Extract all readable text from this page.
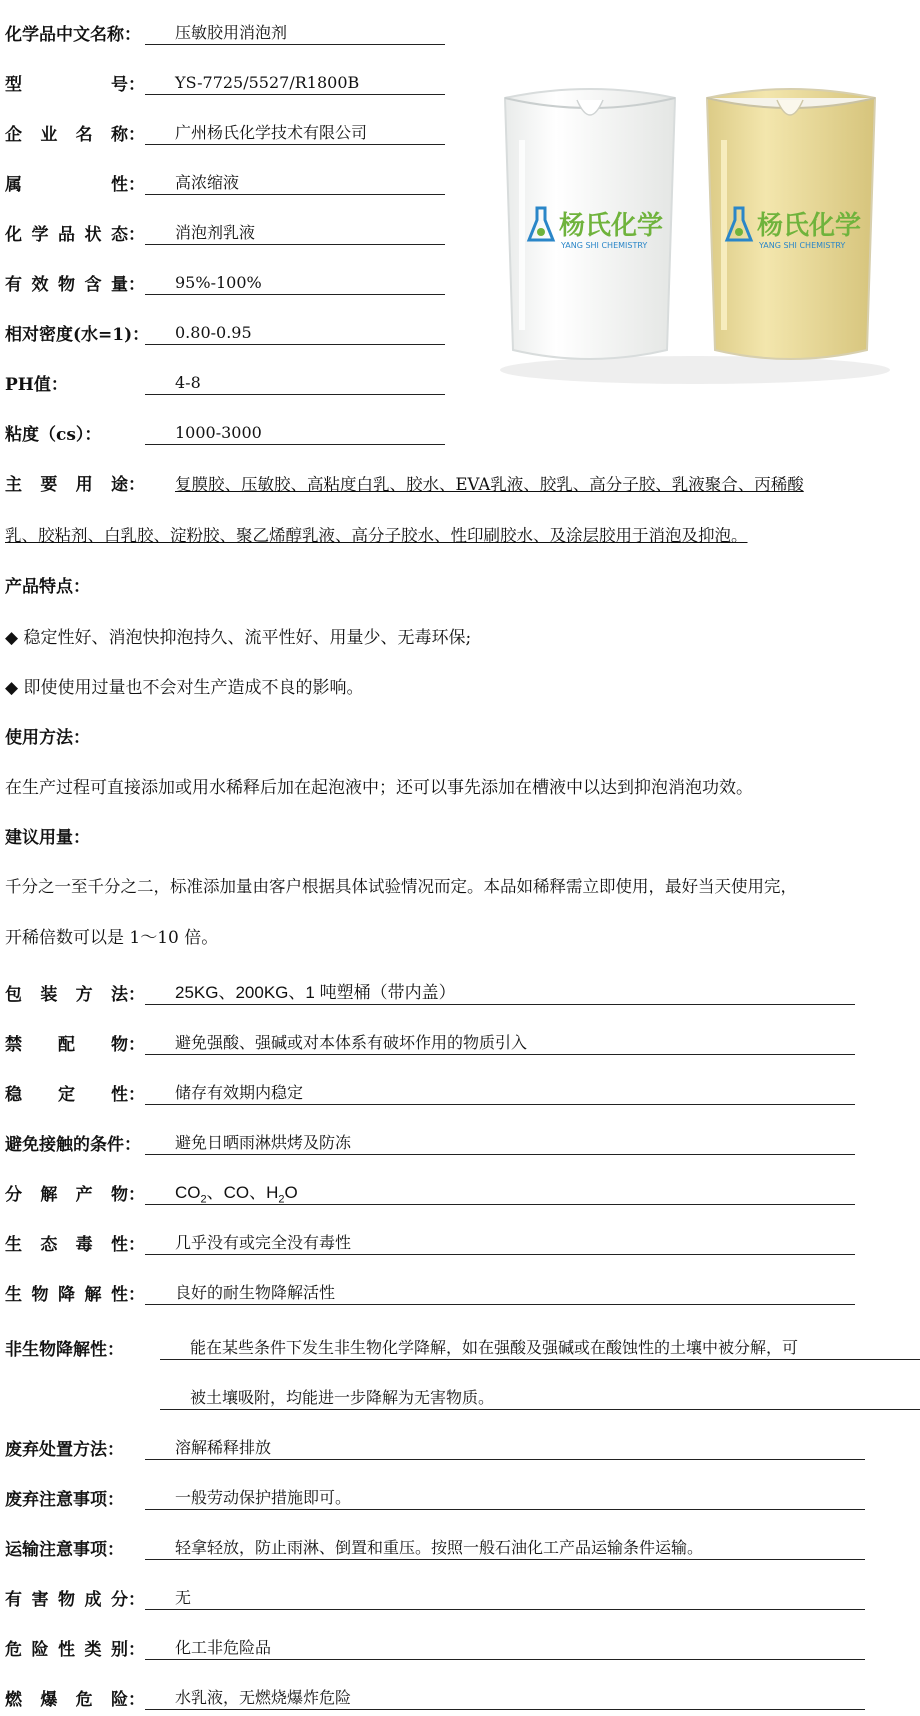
化学品中文名称：	压敏胶用消泡剂
型	号：	YS-7725/5527/R1800B
企 业 名 称：	广州杨氏化学技术有限公司
属	性：	高浓缩液
化 学 品 状 态：	消泡剂乳液
有 效 物 含 量：	95%-100%
相对密度(水=1)：	0.80-0.95
PH值：	4-8
粘度（cs）：	1000-3000
杨氏化学
YANG SHI CHEMISTRY
杨氏化学
YANG SHI CHEMISTRY
主 要 用 途：	复膜胶、压敏胶、高粘度白乳、胶水、EVA乳液、胶乳、高分子胶、乳液聚合、丙稀酸
乳、胶粘剂、白乳胶、淀粉胶、聚乙烯醇乳液、高分子胶水、性印刷胶水、及涂层胶用于消泡及抑泡。
产品特点：
◆ 稳定性好、消泡快抑泡持久、流平性好、用量少、无毒环保;
◆ 即使使用过量也不会对生产造成不良的影响。
使用方法：
在生产过程可直接添加或用水稀释后加在起泡液中；还可以事先添加在槽液中以达到抑泡消泡功效。
建议用量：
千分之一至千分之二，标准添加量由客户根据具体试验情况而定。本品如稀释需立即使用，最好当天使用完，
开稀倍数可以是 1～10 倍。
包 装 方 法：	25KG、200KG、1 吨塑桶（带内盖）
禁 配 物：	避免强酸、强碱或对本体系有破坏作用的物质引入
稳 定 性：	储存有效期内稳定
避免接触的条件：	避免日晒雨淋烘烤及防冻
分 解 产 物：	$CO_2$、CO、$H_2O$
生 态 毒 性：	几乎没有或完全没有毒性
生 物 降 解 性：	良好的耐生物降解活性
非生物降解性：	能在某些条件下发生非生物化学降解，如在强酸及强碱或在酸蚀性的土壤中被分解，可
被土壤吸附，均能进一步降解为无害物质。
废弃处置方法：	溶解稀释排放
废弃注意事项：	一般劳动保护措施即可。
运输注意事项：	轻拿轻放，防止雨淋、倒置和重压。按照一般石油化工产品运输条件运输。
有 害 物 成 分：	无
危 险 性 类 别：	化工非危险品
燃 爆 危 险：	水乳液，无燃烧爆炸危险
